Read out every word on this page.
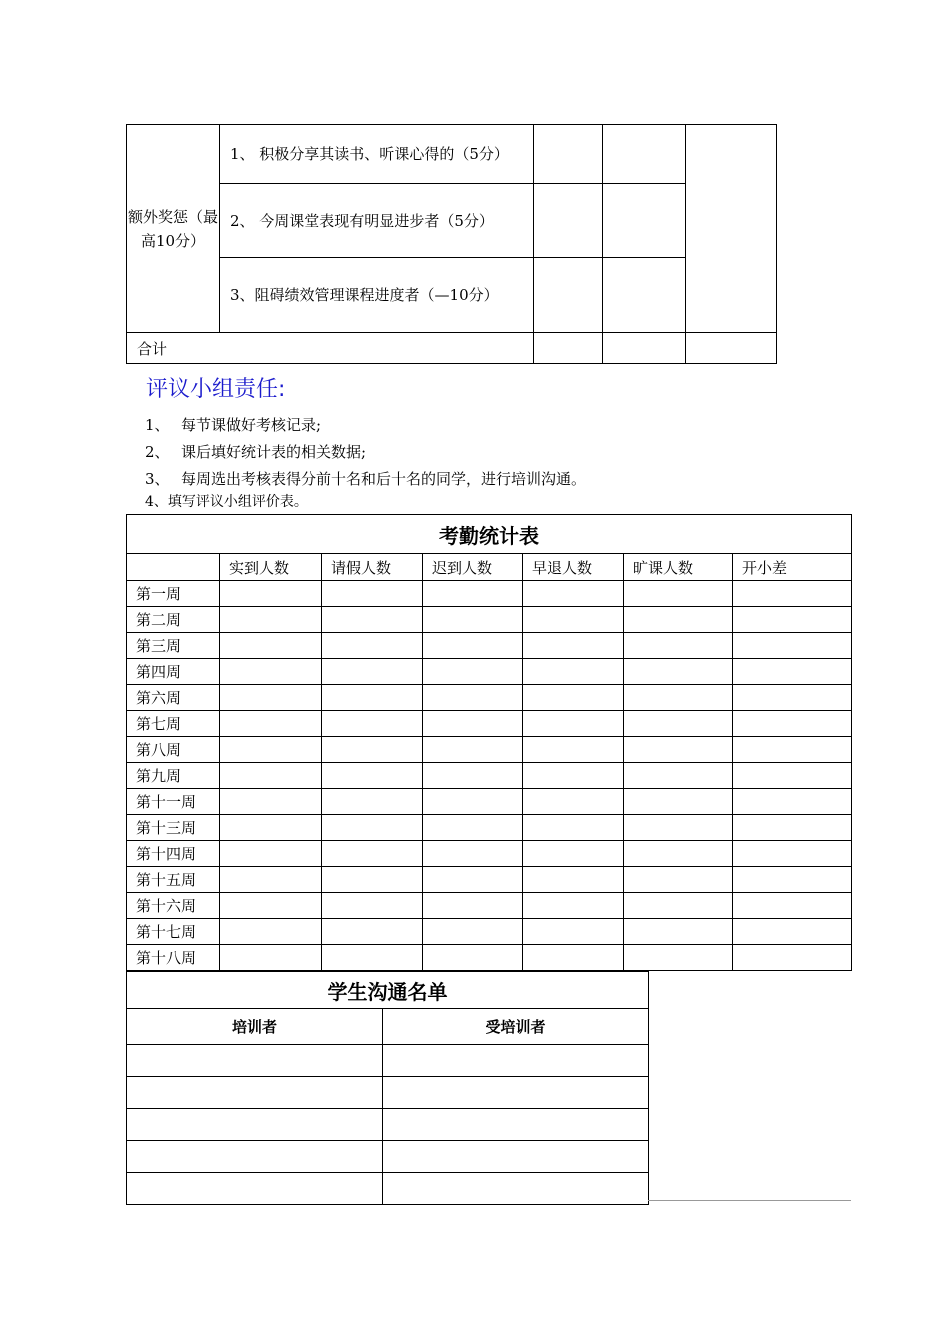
额外奖惩（最高10分）	1、 积极分享其读书、听课心得的（5分）			
	2、 今周课堂表现有明显进步者（5分）			
	3、阻碍绩效管理课程进度者（—10分）			
合计				
评议小组责任:
1、 每节课做好考核记录;
2、 课后填好统计表的相关数据;
3、 每周选出考核表得分前十名和后十名的同学，进行培训沟通。
4、填写评议小组评价表。
考勤统计表						
	实到人数	请假人数	迟到人数	早退人数	旷课人数	开小差
第一周						
第二周						
第三周						
第四周						
第六周						
第七周						
第八周						
第九周						
第十一周						
第十三周						
第十四周						
第十五周						
第十六周						
第十七周						
第十八周						
学生沟通名单	
培训者	受培训者
